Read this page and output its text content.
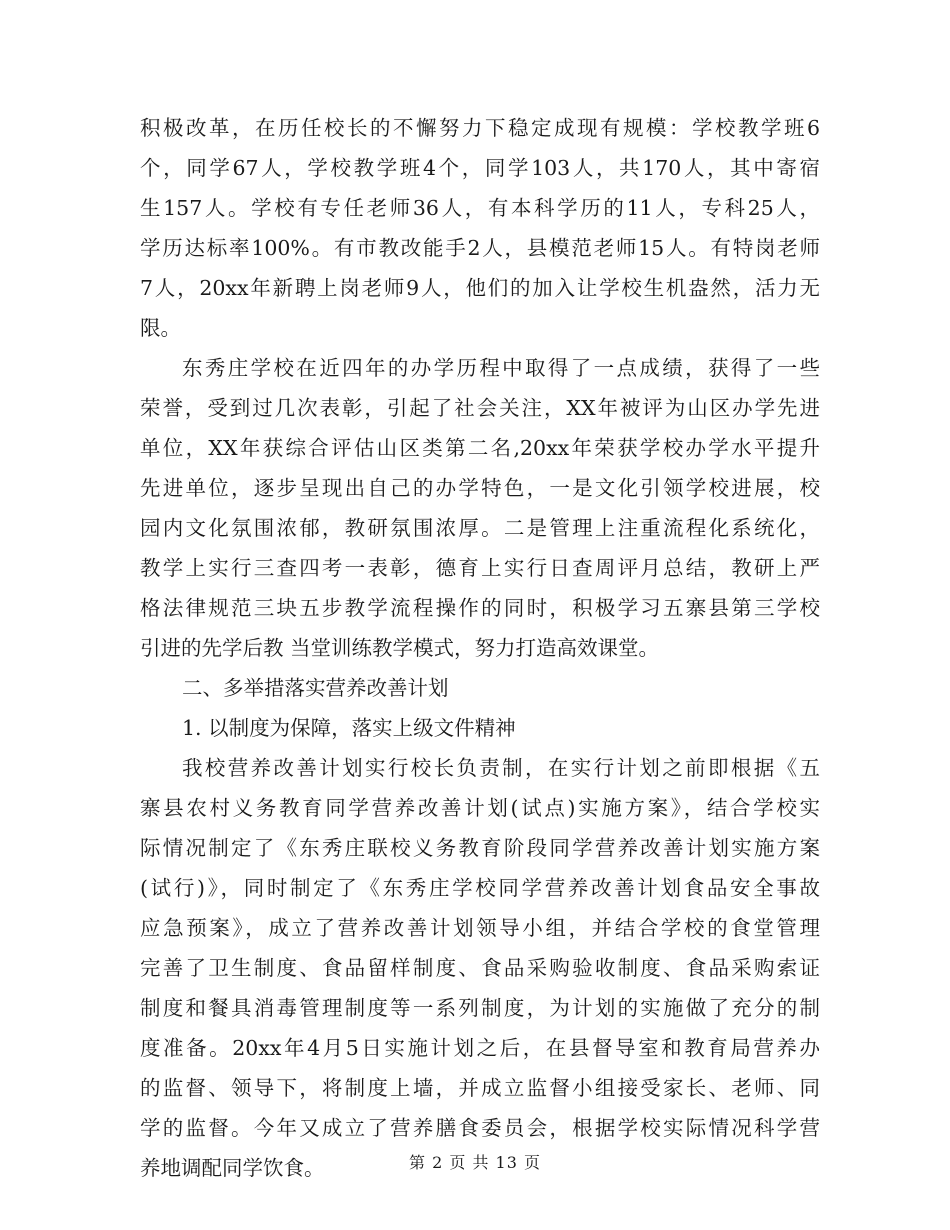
积极改革，在历任校长的不懈努力下稳定成现有规模：学校教学班6
个，同学67人，学校教学班4个，同学103人，共170人，其中寄宿
生157人。学校有专任老师36人，有本科学历的11人，专科25人，
学历达标率100%。有市教改能手2人，县模范老师15人。有特岗老师
7人，20xx年新聘上岗老师9人，他们的加入让学校生机盎然，活力无
限。
东秀庄学校在近四年的办学历程中取得了一点成绩，获得了一些
荣誉，受到过几次表彰，引起了社会关注，XX年被评为山区办学先进
单位，XX年获综合评估山区类第二名,20xx年荣获学校办学水平提升
先进单位，逐步呈现出自己的办学特色，一是文化引领学校进展，校
园内文化氛围浓郁，教研氛围浓厚。二是管理上注重流程化系统化，
教学上实行三查四考一表彰，德育上实行日查周评月总结，教研上严
格法律规范三块五步教学流程操作的同时，积极学习五寨县第三学校
引进的先学后教 当堂训练教学模式，努力打造高效课堂。
二、多举措落实营养改善计划
1. 以制度为保障，落实上级文件精神
我校营养改善计划实行校长负责制，在实行计划之前即根据《五
寨县农村义务教育同学营养改善计划(试点)实施方案》，结合学校实
际情况制定了《东秀庄联校义务教育阶段同学营养改善计划实施方案
(试行)》，同时制定了《东秀庄学校同学营养改善计划食品安全事故
应急预案》，成立了营养改善计划领导小组，并结合学校的食堂管理
完善了卫生制度、食品留样制度、食品采购验收制度、食品采购索证
制度和餐具消毒管理制度等一系列制度，为计划的实施做了充分的制
度准备。20xx年4月5日实施计划之后，在县督导室和教育局营养办
的监督、领导下，将制度上墙，并成立监督小组接受家长、老师、同
学的监督。今年又成立了营养膳食委员会，根据学校实际情况科学营
养地调配同学饮食。	第 2 页 共 13 页
